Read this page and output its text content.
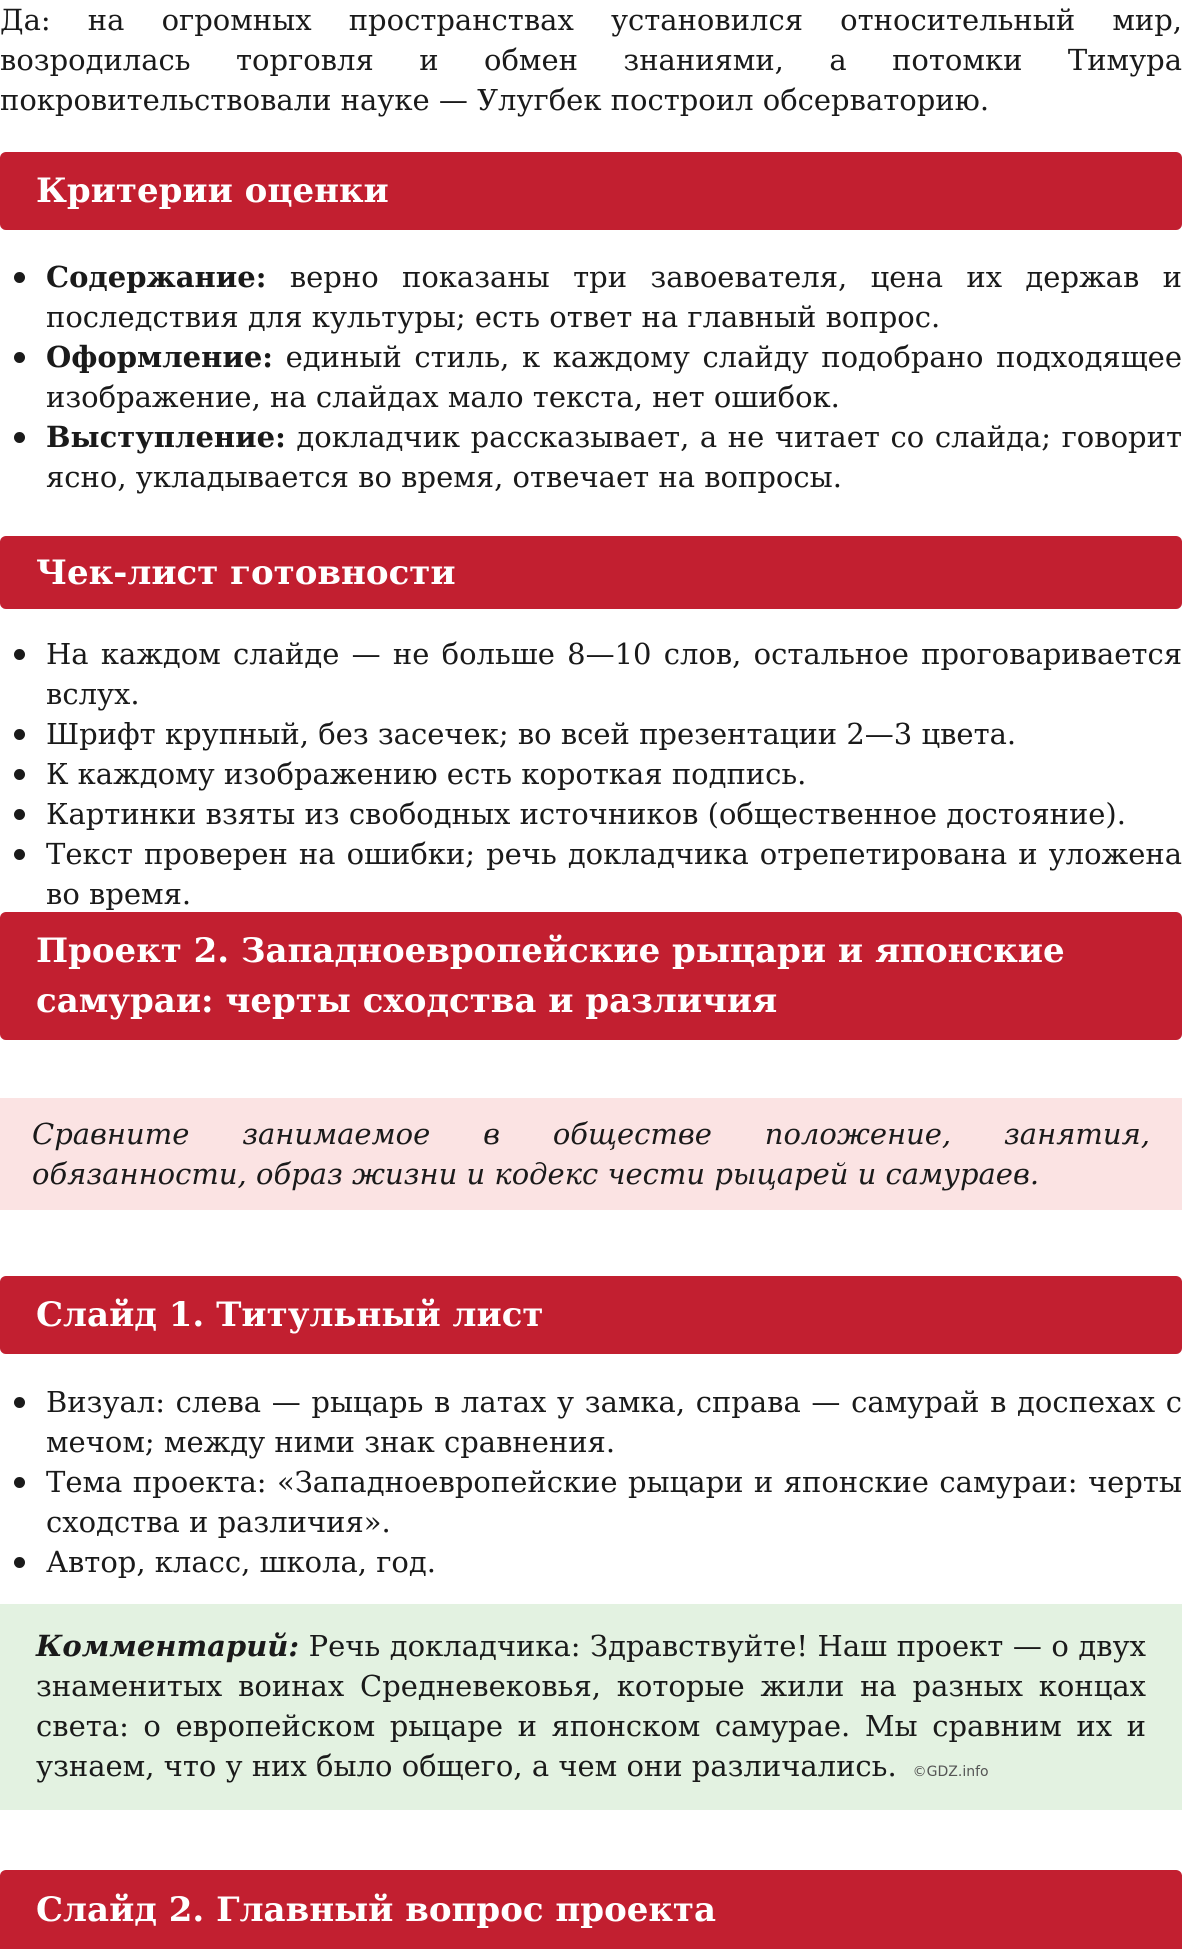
Да: на огромных пространствах установился относительный мир, возродилась торговля и обмен знаниями, а потомки Тимура покровительствовали науке — Улугбек построил обсерваторию.

Критерии оценки
Содержание: верно показаны три завоевателя, цена их держав и последствия для культуры; есть ответ на главный вопрос.
Оформление: единый стиль, к каждому слайду подобрано подходящее изображение, на слайдах мало текста, нет ошибок.
Выступление: докладчик рассказывает, а не читает со слайда; говорит ясно, укладывается во время, отвечает на вопросы.
Чек-лист готовности
На каждом слайде — не больше 8—10 слов, остальное проговаривается вслух.
Шрифт крупный, без засечек; во всей презентации 2—3 цвета.
К каждому изображению есть короткая подпись.
Картинки взяты из свободных источников (общественное достояние).
Текст проверен на ошибки; речь докладчика отрепетирована и уложена во время.
Проект 2. Западноевропейские рыцари и японские самураи: черты сходства и различия
Сравните занимаемое в обществе положение, занятия, обязанности, образ жизни и кодекс чести рыцарей и самураев.
Слайд 1. Титульный лист
Визуал: слева — рыцарь в латах у замка, справа — самурай в доспехах с мечом; между ними знак сравнения.
Тема проекта: «Западноевропейские рыцари и японские самураи: черты сходства и различия».
Автор, класс, школа, год.
Комментарий: Речь докладчика: Здравствуйте! Наш проект — о двух знаменитых воинах Средневековья, которые жили на разных концах света: о европейском рыцаре и японском самурае. Мы сравним их и узнаем, что у них было общего, а чем они различались. ©GDZ.info
Слайд 2. Главный вопрос проекта
